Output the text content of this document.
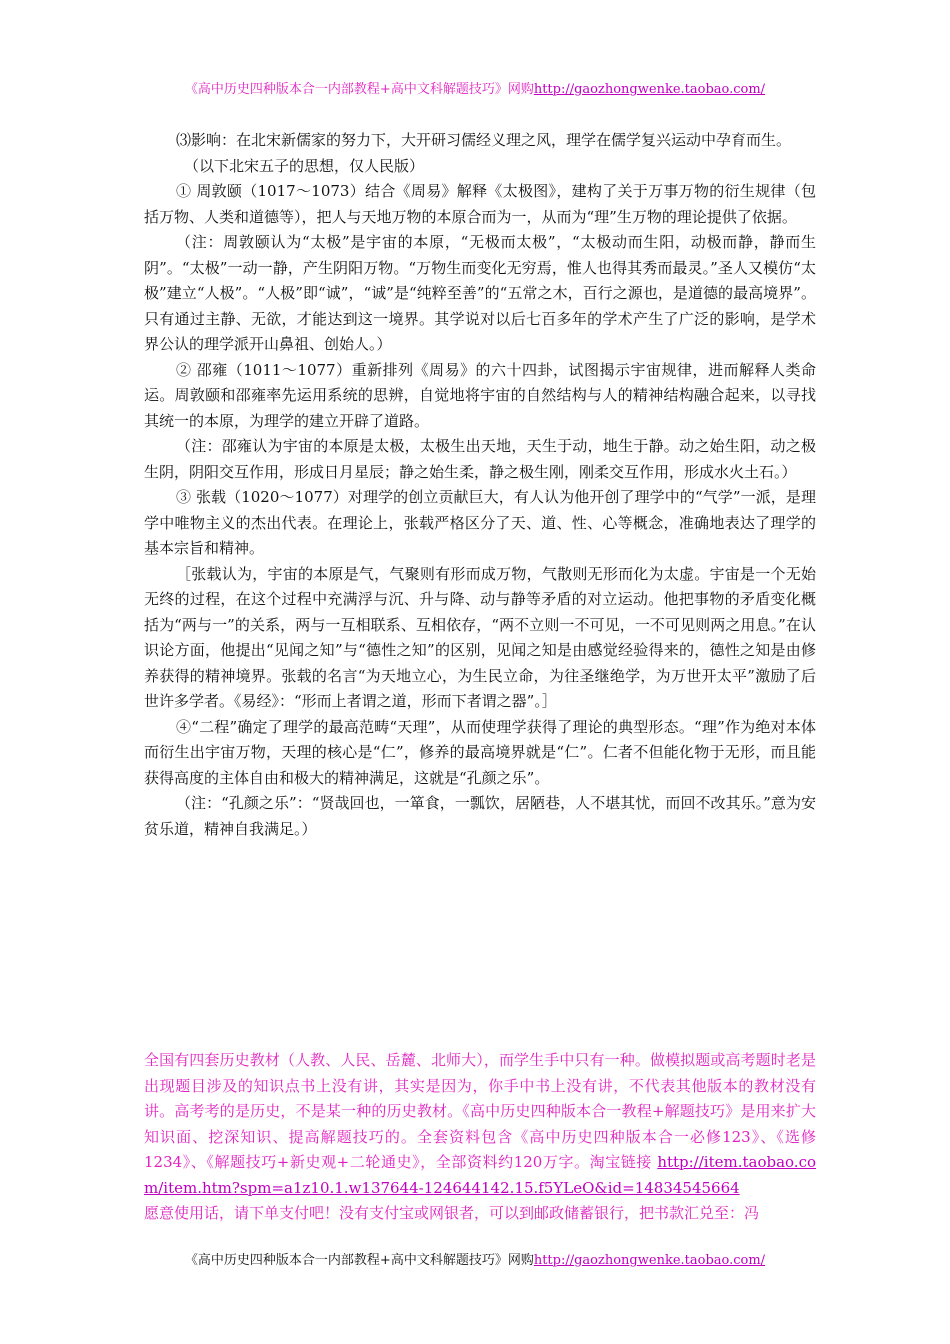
《高中历史四种版本合一内部教程+高中文科解题技巧》网购http://gaozhongwenke.taobao.com/

⑶影响：在北宋新儒家的努力下，大开研习儒经义理之风，理学在儒学复兴运动中孕育而生。

（以下北宋五子的思想，仅人民版）

① 周敦颐（1017～1073）结合《周易》解释《太极图》，建构了关于万事万物的衍生规律（包括万物、人类和道德等），把人与天地万物的本原合而为一，从而为“理”生万物的理论提供了依据。

（注：周敦颐认为“太极”是宇宙的本原，“无极而太极”，“太极动而生阳，动极而静，静而生阴”。“太极”一动一静，产生阴阳万物。“万物生而变化无穷焉，惟人也得其秀而最灵。”圣人又模仿“太极”建立“人极”。“人极”即“诚”，“诚”是“纯粹至善”的“五常之木，百行之源也，是道德的最高境界”。只有通过主静、无欲，才能达到这一境界。其学说对以后七百多年的学术产生了广泛的影响，是学术界公认的理学派开山鼻祖、创始人。）

② 邵雍（1011～1077）重新排列《周易》的六十四卦，试图揭示宇宙规律，进而解释人类命运。周敦颐和邵雍率先运用系统的思辨，自觉地将宇宙的自然结构与人的精神结构融合起来，以寻找其统一的本原，为理学的建立开辟了道路。

（注：邵雍认为宇宙的本原是太极，太极生出天地，天生于动，地生于静。动之始生阳，动之极生阴，阴阳交互作用，形成日月星辰；静之始生柔，静之极生刚，刚柔交互作用，形成水火土石。）

③ 张载（1020～1077）对理学的创立贡献巨大，有人认为他开创了理学中的“气学”一派，是理学中唯物主义的杰出代表。在理论上，张载严格区分了天、道、性、心等概念，准确地表达了理学的基本宗旨和精神。

［张载认为，宇宙的本原是气，气聚则有形而成万物，气散则无形而化为太虚。宇宙是一个无始无终的过程，在这个过程中充满浮与沉、升与降、动与静等矛盾的对立运动。他把事物的矛盾变化概括为“两与一”的关系，两与一互相联系、互相依存，“两不立则一不可见，一不可见则两之用息。”在认识论方面，他提出“见闻之知”与“德性之知”的区别，见闻之知是由感觉经验得来的，德性之知是由修养获得的精神境界。张载的名言“为天地立心，为生民立命，为往圣继绝学，为万世开太平”激励了后世许多学者。《易经》：“形而上者谓之道，形而下者谓之器”。］

④“二程”确定了理学的最高范畴“天理”，从而使理学获得了理论的典型形态。“理”作为绝对本体而衍生出宇宙万物，天理的核心是“仁”，修养的最高境界就是“仁”。仁者不但能化物于无形，而且能获得高度的主体自由和极大的精神满足，这就是“孔颜之乐”。

（注：“孔颜之乐”：“贤哉回也，一箪食，一瓢饮，居陋巷，人不堪其忧，而回不改其乐。”意为安贫乐道，精神自我满足。）

全国有四套历史教材（人教、人民、岳麓、北师大），而学生手中只有一种。做模拟题或高考题时老是出现题目涉及的知识点书上没有讲，其实是因为，你手中书上没有讲，不代表其他版本的教材没有讲。高考考的是历史，不是某一种的历史教材。《高中历史四种版本合一教程+解题技巧》是用来扩大知识面、挖深知识、提高解题技巧的。全套资料包含《高中历史四种版本合一必修123》、《选修1234》、《解题技巧+新史观+二轮通史》，全部资料约120万字。淘宝链接 http://item.taobao.com/item.htm?spm=a1z10.1.w137644-124644142.15.f5YLeO&id=14834545664

愿意使用话，请下单支付吧！没有支付宝或网银者，可以到邮政储蓄银行，把书款汇兑至：冯

《高中历史四种版本合一内部教程+高中文科解题技巧》网购http://gaozhongwenke.taobao.com/
